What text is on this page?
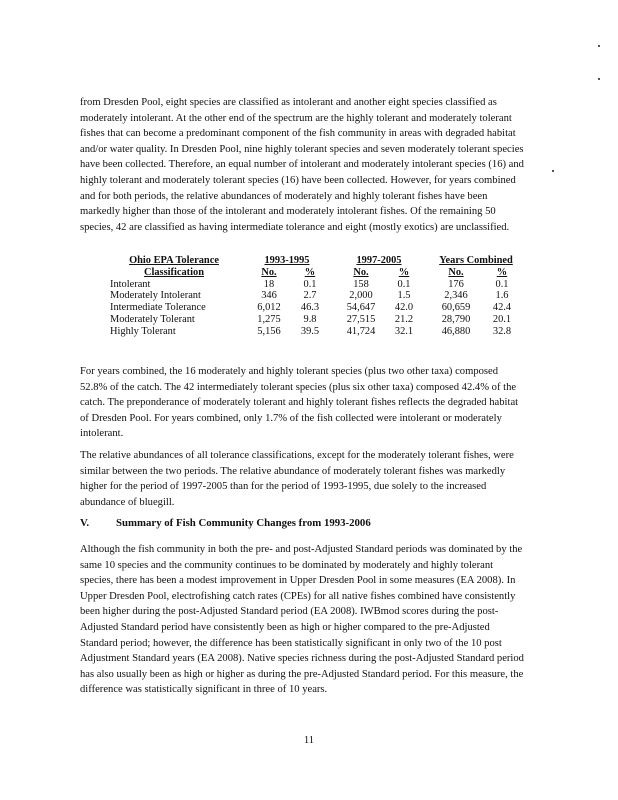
from Dresden Pool, eight species are classified as intolerant and another eight species classified as moderately intolerant. At the other end of the spectrum are the highly tolerant and moderately tolerant fishes that can become a predominant component of the fish community in areas with degraded habitat and/or water quality. In Dresden Pool, nine highly tolerant species and seven moderately tolerant species have been collected. Therefore, an equal number of intolerant and moderately intolerant species (16) and highly tolerant and moderately tolerant species (16) have been collected. However, for years combined and for both periods, the relative abundances of moderately and highly tolerant fishes have been markedly higher than those of the intolerant and moderately intolerant fishes. Of the remaining 50 species, 42 are classified as having intermediate tolerance and eight (mostly exotics) are unclassified.

Ohio EPA Tolerance		1993-1995			1997-2005			Years Combined	
Classification		No.	%		No.	%		No.	%
Intolerant		18	0.1		158	0.1		176	0.1
Moderately Intolerant		346	2.7		2,000	1.5		2,346	1.6
Intermediate Tolerance		6,012	46.3		54,647	42.0		60,659	42.4
Moderately Tolerant		1,275	9.8		27,515	21.2		28,790	20.1
Highly Tolerant		5,156	39.5		41,724	32.1		46,880	32.8

For years combined, the 16 moderately and highly tolerant species (plus two other taxa) composed 52.8% of the catch. The 42 intermediately tolerant species (plus six other taxa) composed 42.4% of the catch. The preponderance of moderately tolerant and highly tolerant fishes reflects the degraded habitat of Dresden Pool. For years combined, only 1.7% of the fish collected were intolerant or moderately intolerant.

The relative abundances of all tolerance classifications, except for the moderately tolerant fishes, were similar between the two periods. The relative abundance of moderately tolerant fishes was markedly higher for the period of 1997-2005 than for the period of 1993-1995, due solely to the increased abundance of bluegill.

V. Summary of Fish Community Changes from 1993-2006

Although the fish community in both the pre- and post-Adjusted Standard periods was dominated by the same 10 species and the community continues to be dominated by moderately and highly tolerant species, there has been a modest improvement in Upper Dresden Pool in some measures (EA 2008). In Upper Dresden Pool, electrofishing catch rates (CPEs) for all native fishes combined have consistently been higher during the post-Adjusted Standard period (EA 2008). IWBmod scores during the post-Adjusted Standard period have consistently been as high or higher compared to the pre-Adjusted Standard period; however, the difference has been statistically significant in only two of the 10 post Adjustment Standard years (EA 2008). Native species richness during the post-Adjusted Standard period has also usually been as high or higher as during the pre-Adjusted Standard period. For this measure, the difference was statistically significant in three of 10 years.

11
